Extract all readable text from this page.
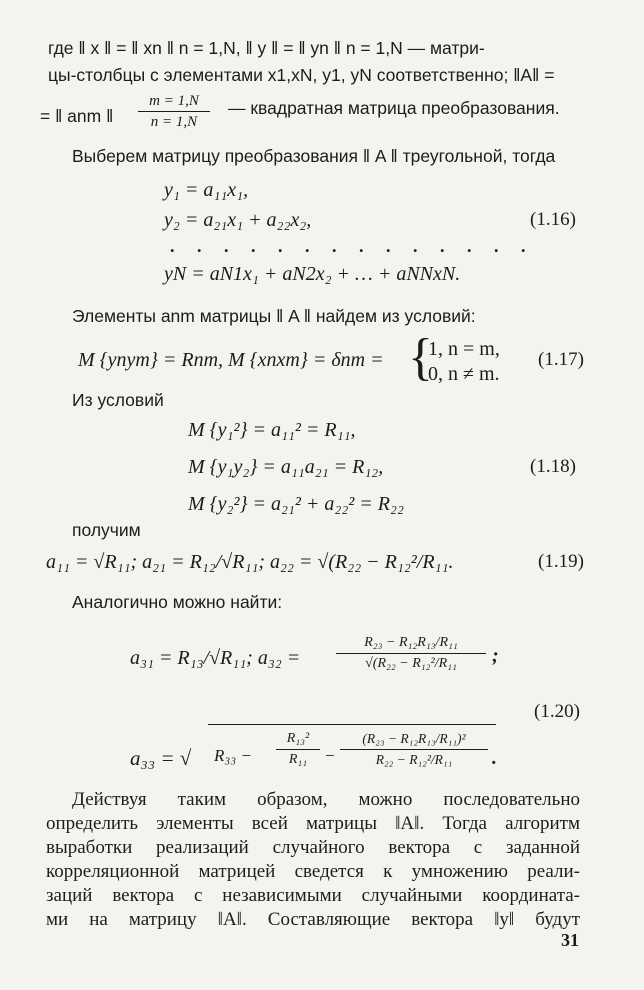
где ‖ x ‖ = ‖ xn ‖ n = 1,N, ‖ y ‖ = ‖ yn ‖ n = 1,N — матри-
цы-столбцы с элементами x1,xN, y1, yN соответственно; ‖A‖ =
= ‖ anm ‖
m = 1,N
n = 1,N
— квадратная матрица преобразования.
Выберем матрицу преобразования ‖ A ‖ треугольной, тогда
y₁ = a₁₁x₁,
y₂ = a₂₁x₁ + a₂₂x₂,	(1.16)
. . . . . . . . . . . . . .
yN = aN1x₁ + aN2x₂ + … + aNNxN.
Элементы anm матрицы ‖ A ‖ найдем из условий:
M {ynym} = Rnm, M {xnxm} = δnm = {
1, n = m,
0, n ≠ m.
(1.17)
Из условий
M {y₁²} = a₁₁² = R₁₁,
M {y₁y₂} = a₁₁a₂₁ = R₁₂,	(1.18)
M {y₂²} = a₂₁² + a₂₂² = R₂₂
получим
a₁₁ = √R₁₁; a₂₁ = R₁₂/√R₁₁; a₂₂ = √(R₂₂ − R₁₂²/R₁₁.	(1.19)
Аналогично можно найти:
a₃₁ = R₁₃/√R₁₁; a₃₂ =
R₂₃ − R₁₂R₁₃/R₁₁
√(R₂₂ − R₁₂²/R₁₁	;
(1.20)
a₃₃ = √ R₃₃ −
R₁₃²
R₁₁ −
(R₂₃ − R₁₂R₁₃/R₁₁)²
R₂₂ − R₁₂²/R₁₁	.
Действуя таким образом, можно последовательно
определить элементы всей матрицы ‖A‖. Тогда алгоритм
выработки реализаций случайного вектора с заданной
корреляционной матрицей сведется к умножению реали-
заций вектора с независимыми случайными координата-
ми на матрицу ‖A‖. Составляющие вектора ‖y‖ будут
31
